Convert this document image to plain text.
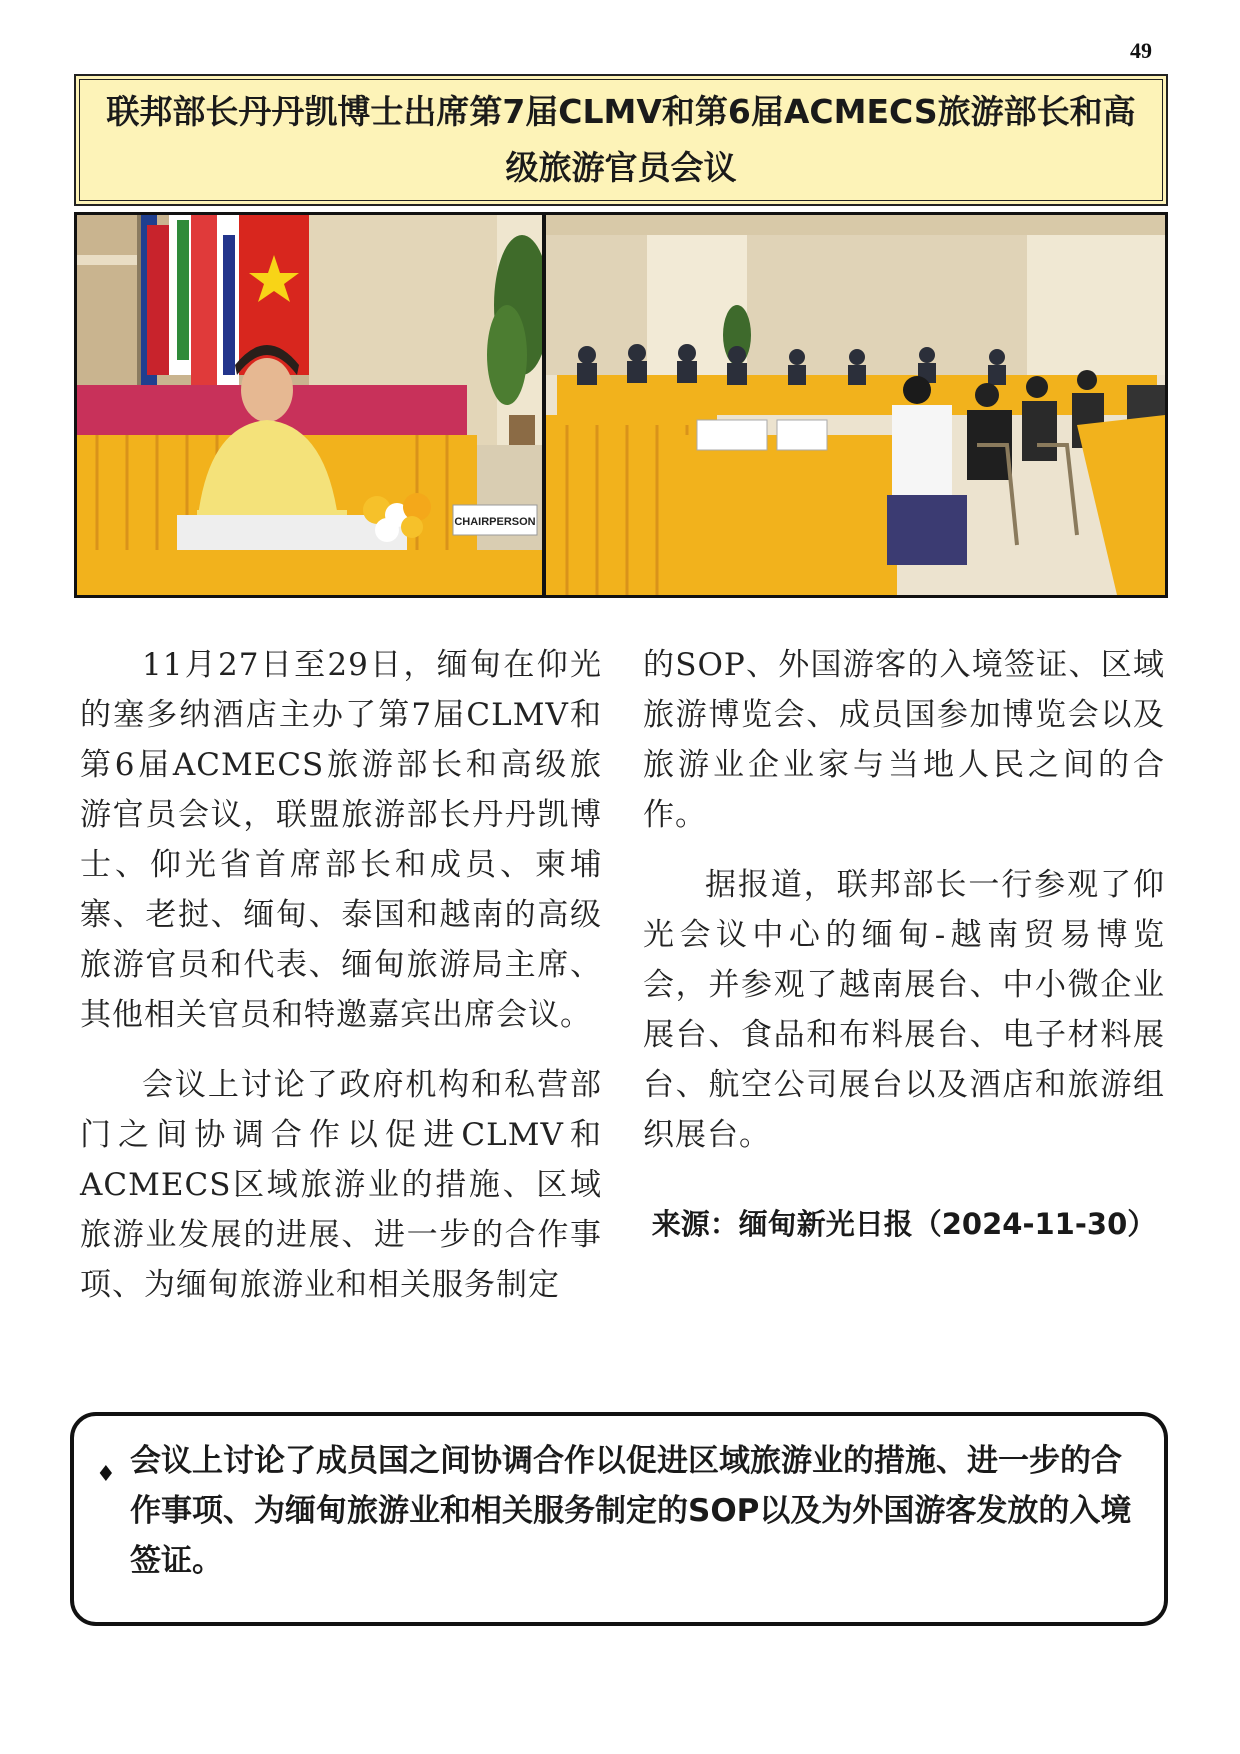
49
联邦部长丹丹凯博士出席第7届CLMV和第6届ACMECS旅游部长和高级旅游官员会议
CHAIRPERSON

11月27日至29日，缅甸在仰光的塞多纳酒店主办了第7届CLMV和第6届ACMECS旅游部长和高级旅游官员会议，联盟旅游部长丹丹凯博士、仰光省首席部长和成员、柬埔寨、老挝、缅甸、泰国和越南的高级旅游官员和代表、缅甸旅游局主席、其他相关官员和特邀嘉宾出席会议。

会议上讨论了政府机构和私营部门之间协调合作以促进CLMV和ACMECS区域旅游业的措施、区域旅游业发展的进展、进一步的合作事项、为缅甸旅游业和相关服务制定

的SOP、外国游客的入境签证、区域旅游博览会、成员国参加博览会以及旅游业企业家与当地人民之间的合作。

据报道，联邦部长一行参观了仰光会议中心的缅甸-越南贸易博览会，并参观了越南展台、中小微企业展台、食品和布料展台、电子材料展台、航空公司展台以及酒店和旅游组织展台。

来源：缅甸新光日报（2024-11-30）
♦ 会议上讨论了成员国之间协调合作以促进区域旅游业的措施、进一步的合作事项、为缅甸旅游业和相关服务制定的SOP以及为外国游客发放的入境签证。
